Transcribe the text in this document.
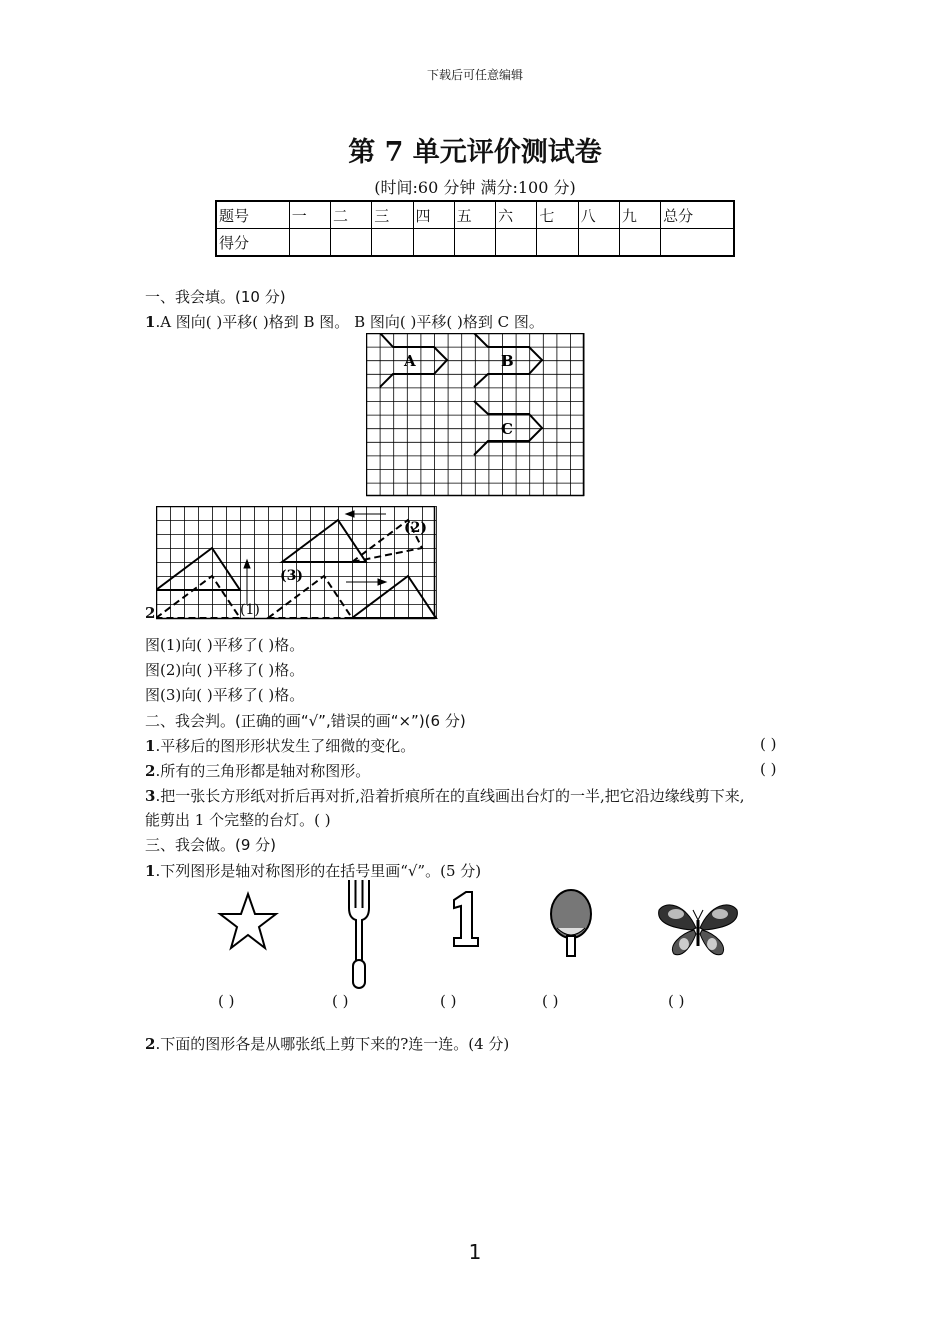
下载后可任意编辑
第 7 单元评价测试卷
(时间:60 分钟 满分:100 分)
题号	一	二	三	四	五	六	七	八	九	总分
得分										
一、我会填。(10 分)
1.A 图向( )平移( )格到 B 图。 B 图向( )平移( )格到 C 图。
A	B
C
2.	(1)
(2)
(3)
图(1)向( )平移了( )格。
图(2)向( )平移了( )格。
图(3)向( )平移了( )格。
二、我会判。(正确的画“√”,错误的画“×”)(6 分)
1.平移后的图形形状发生了细微的变化。	( )
2.所有的三角形都是轴对称图形。	( )
3.把一张长方形纸对折后再对折,沿着折痕所在的直线画出台灯的一半,把它沿边缘线剪下来,
能剪出 1 个完整的台灯。( )
三、我会做。(9 分)
1.下列图形是轴对称图形的在括号里画“√”。(5 分)
( )	( )	( )	( )	( )
2.下面的图形各是从哪张纸上剪下来的?连一连。(4 分)
1
